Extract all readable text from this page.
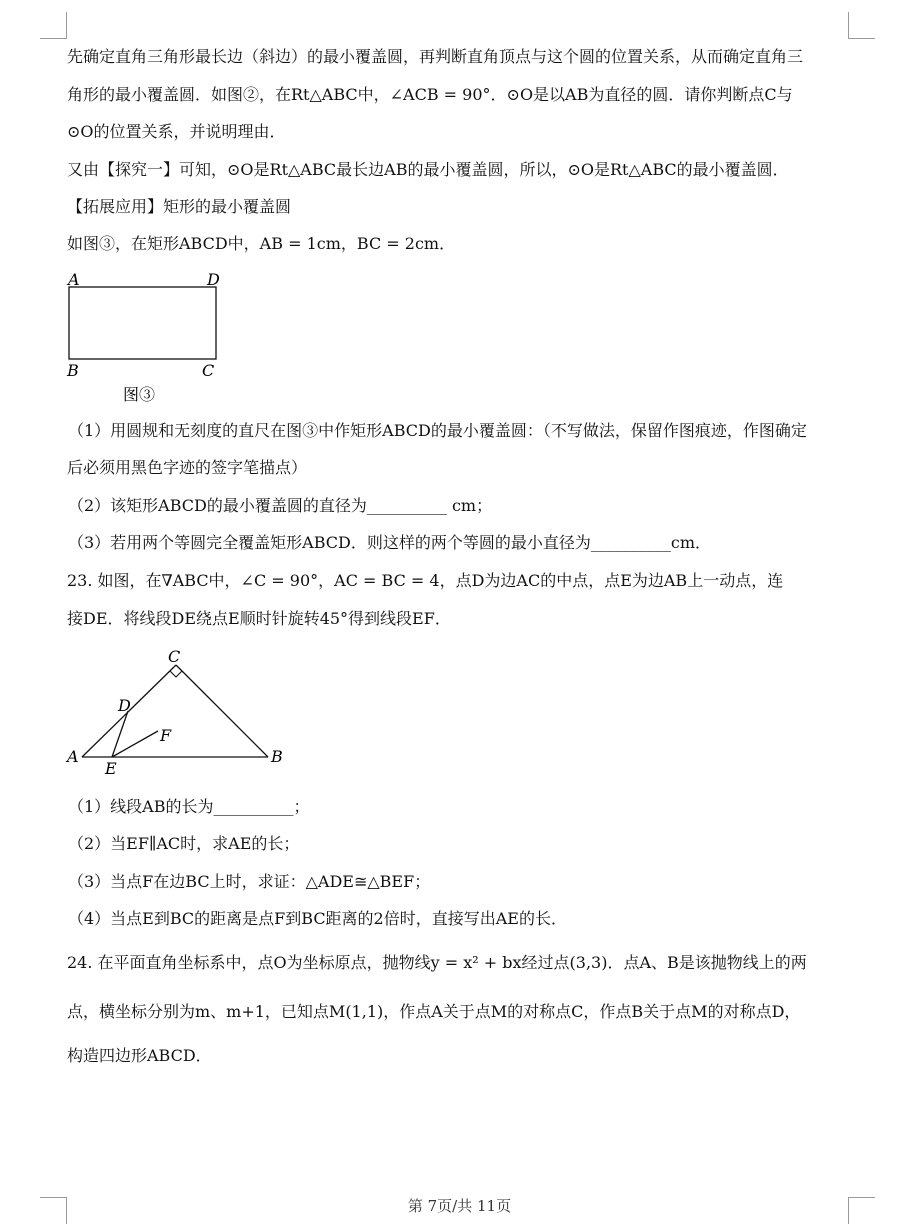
先确定直角三角形最长边（斜边）的最小覆盖圆，再判断直角顶点与这个圆的位置关系，从而确定直角三
角形的最小覆盖圆．如图②，在Rt△ABC中，∠ACB = 90°．⊙O是以AB为直径的圆．请你判断点C与
⊙O的位置关系，并说明理由．
又由【探究一】可知，⊙O是Rt△ABC最长边AB的最小覆盖圆，所以，⊙O是Rt△ABC的最小覆盖圆．
【拓展应用】矩形的最小覆盖圆
如图③，在矩形ABCD中，AB = 1cm，BC = 2cm．
A	D
B	C
图③
（1）用圆规和无刻度的直尺在图③中作矩形ABCD的最小覆盖圆：（不写做法，保留作图痕迹，作图确定
后必须用黑色字迹的签字笔描点）
（2）该矩形ABCD的最小覆盖圆的直径为__________ cm；
（3）若用两个等圆完全覆盖矩形ABCD．则这样的两个等圆的最小直径为__________cm．
23. 如图，在∇ABC中，∠C = 90°，AC = BC = 4，点D为边AC的中点，点E为边AB上一动点，连
接DE．将线段DE绕点E顺时针旋转45°得到线段EF．
C
D
F
A	B
E
（1）线段AB的长为__________；
（2）当EF∥AC时，求AE的长；
（3）当点F在边BC上时，求证：△ADE≅△BEF；
（4）当点E到BC的距离是点F到BC距离的2倍时，直接写出AE的长．
24. 在平面直角坐标系中，点O为坐标原点，抛物线y = x² + bx经过点(3,3)．点A、B是该抛物线上的两
点，横坐标分别为m、m+1，已知点M(1,1)，作点A关于点M的对称点C，作点B关于点M的对称点D，
构造四边形ABCD．
第 7页/共 11页
